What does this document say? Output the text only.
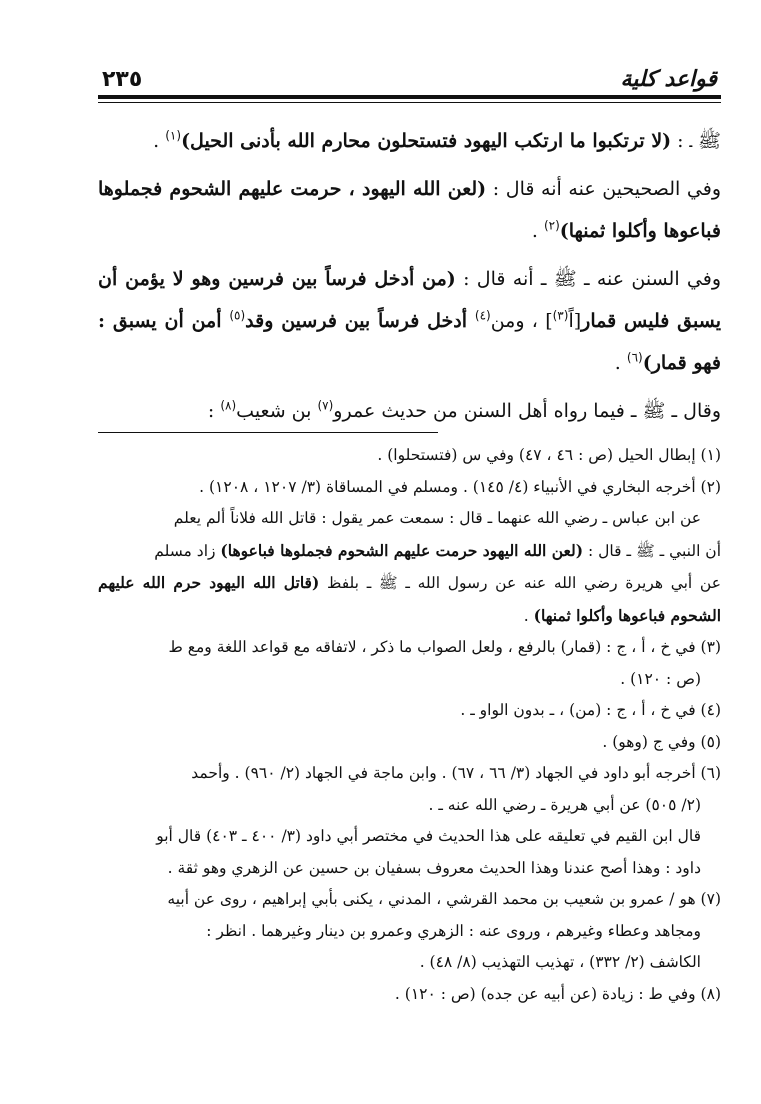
قواعد كلية
٢٣٥

ﷺ ـ : (لا ترتكبوا ما ارتكب اليهود فتستحلون محارم الله بأدنى الحيل)$^{(١)}$ .

وفي الصحيحين عنه أنه قال : (لعن الله اليهود ، حرمت عليهم الشحوم فجملوها فباعوها وأكلوا ثمنها)$^{(٢)}$ .

وفي السنن عنه ـ ﷺ ـ أنه قال : (من أدخل فرساً بين فرسين وهو لا يؤمن أن يسبق فليس قمار[اً$^{(٣)}$] ، ومن$^{(٤)}$ أدخل فرساً بين فرسين وقد$^{(٥)}$ أمن أن يسبق : فهو قمار)$^{(٦)}$ .

وقال ـ ﷺ ـ فيما رواه أهل السنن من حديث عمرو$^{(٧)}$ بن شعيب$^{(٨)}$ :

(١) إبطال الحيل (ص : ٤٦ ، ٤٧) وفي س (فتستحلوا) .

(٢) أخرجه البخاري في الأنبياء (٤/ ١٤٥) . ومسلم في المساقاة (٣/ ١٢٠٧ ، ١٢٠٨) .

عن ابن عباس ـ رضي الله عنهما ـ قال : سمعت عمر يقول : قاتل الله فلاناً ألم يعلم

أن النبي ـ ﷺ ـ قال : (لعن الله اليهود حرمت عليهم الشحوم فجملوها فباعوها) زاد مسلم

عن أبي هريرة رضي الله عنه عن رسول الله ـ ﷺ ـ بلفظ (قاتل الله اليهود حرم الله عليهم الشحوم فباعوها وأكلوا ثمنها) .

(٣) في خ ، أ ، ج : (قمار) بالرفع ، ولعل الصواب ما ذكر ، لاتفاقه مع قواعد اللغة ومع ط

(ص : ١٢٠) .

(٤) في خ ، أ ، ج : (من) ، ـ بدون الواو ـ .

(٥) وفي ج (وهو) .

(٦) أخرجه أبو داود في الجهاد (٣/ ٦٦ ، ٦٧) . وابن ماجة في الجهاد (٢/ ٩٦٠) . وأحمد

(٢/ ٥٠٥) عن أبي هريرة ـ رضي الله عنه ـ .

قال ابن القيم في تعليقه على هذا الحديث في مختصر أبي داود (٣/ ٤٠٠ ـ ٤٠٣) قال أبو

داود : وهذا أصح عندنا وهذا الحديث معروف بسفيان بن حسين عن الزهري وهو ثقة .

(٧) هو / عمرو بن شعيب بن محمد القرشي ، المدني ، يكنى بأبي إبراهيم ، روى عن أبيه

ومجاهد وعطاء وغيرهم ، وروى عنه : الزهري وعمرو بن دينار وغيرهما . انظر :

الكاشف (٢/ ٣٣٢) ، تهذيب التهذيب (٨/ ٤٨) .

(٨) وفي ط : زيادة (عن أبيه عن جده) (ص : ١٢٠) .
